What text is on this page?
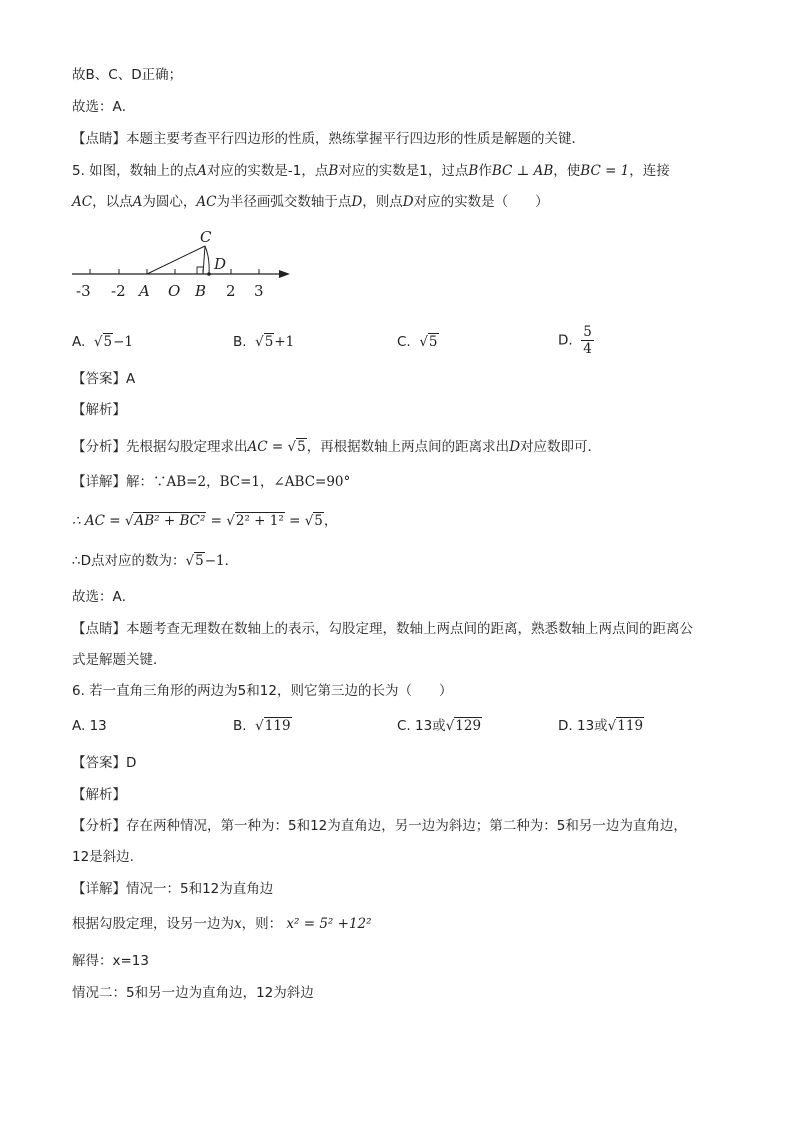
故B、C、D正确；
故选：A．
【点睛】本题主要考查平行四边形的性质，熟练掌握平行四边形的性质是解题的关键．
5. 如图，数轴上的点A对应的实数是-1，点B对应的实数是1，过点B作BC ⊥ AB，使BC = 1，连接
AC，以点A为圆心，AC为半径画弧交数轴于点D，则点D对应的实数是（　　）
C
D
-3 -2 A O B 2 3
A. √5−1	B. √5+1	C. √5	D. $\frac{5}{4}$
【答案】A
【解析】
【分析】先根据勾股定理求出AC = √5，再根据数轴上两点间的距离求出D对应数即可．
【详解】解：∵AB=2，BC=1，∠ABC=90°
∴ AC = √AB² + BC² = √2² + 1² = √5，
∴D点对应的数为：√5−1．
故选：A．
【点睛】本题考查无理数在数轴上的表示，勾股定理，数轴上两点间的距离，熟悉数轴上两点间的距离公
式是解题关键．
6. 若一直角三角形的两边为5和12，则它第三边的长为（　　）
A. 13	B. √119	C. 13或√129	D. 13或√119
【答案】D
【解析】
【分析】存在两种情况，第一种为：5和12为直角边，另一边为斜边；第二种为：5和另一边为直角边，
12是斜边.
【详解】情况一：5和12为直角边
根据勾股定理，设另一边为x，则： x² = 5² +12²
解得：x=13
情况二：5和另一边为直角边，12为斜边
